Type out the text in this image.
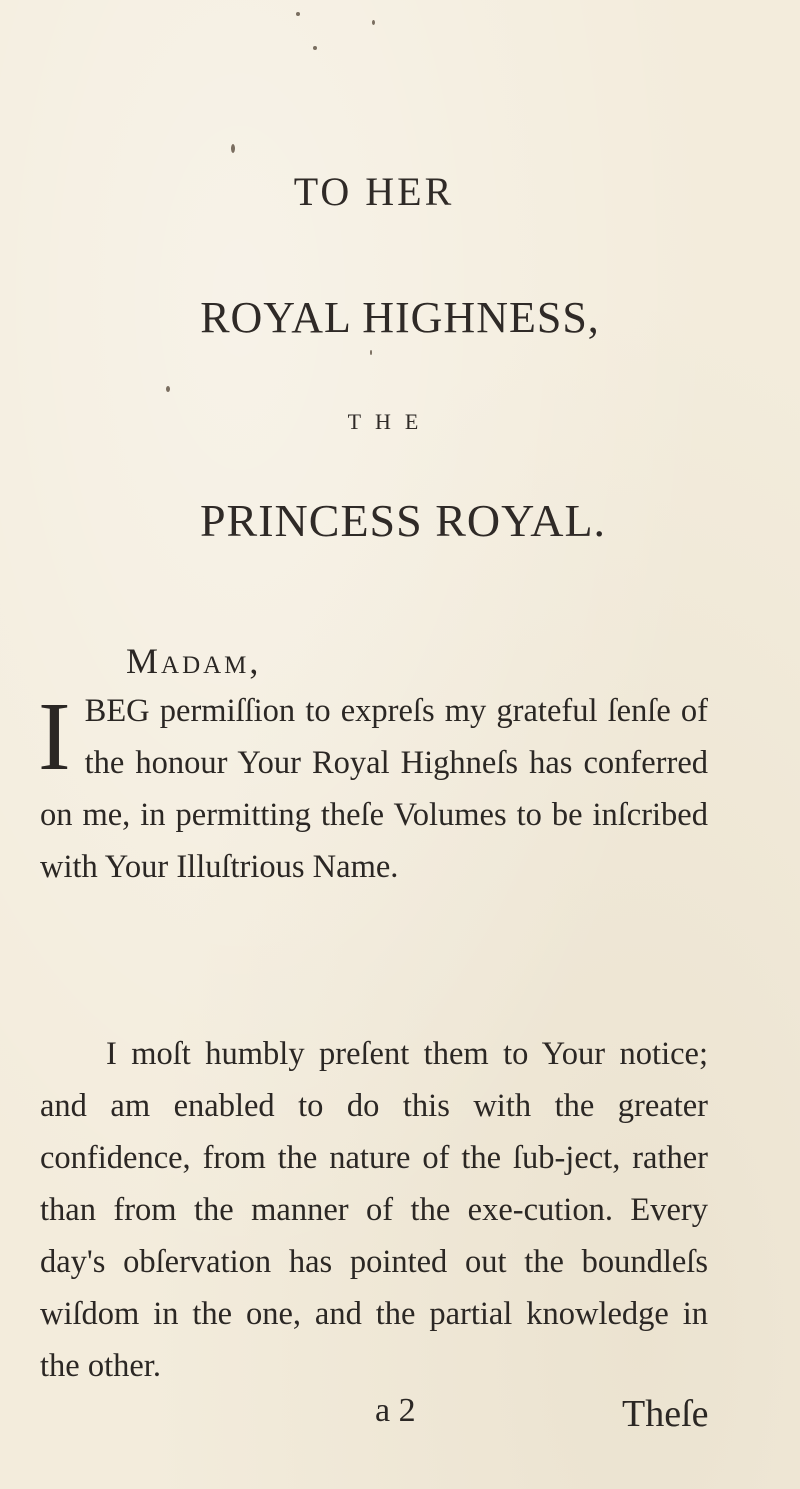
TO HER
ROYAL HIGHNESS,
THE
PRINCESS ROYAL.
Madam,

IBEG permiſſion to expreſs my grateful ſenſe of the honour Your Royal Highneſs has conferred on me, in permitting theſe Volumes to be inſcribed with Your Illuſtrious Name.

I moſt humbly preſent them to Your notice; and am enabled to do this with the greater confidence, from the nature of the ſub-ject, rather than from the manner of the exe-cution. Every day's obſervation has pointed out the boundleſs wiſdom in the one, and the partial knowledge in the other.

a 2	Theſe
